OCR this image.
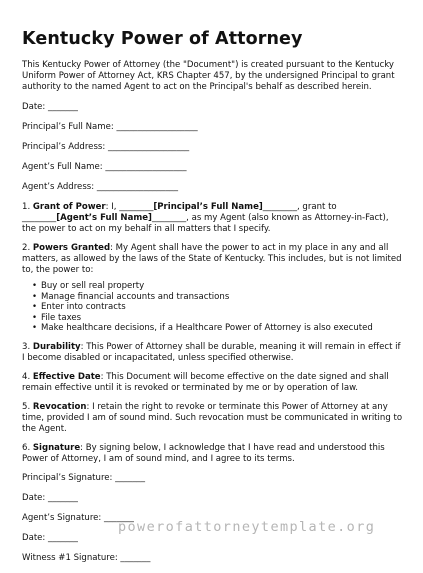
Kentucky Power of Attorney

This Kentucky Power of Attorney (the "Document") is created pursuant to the Kentucky Uniform Power of Attorney Act, KRS Chapter 457, by the undersigned Principal to grant authority to the named Agent to act on the Principal's behalf as described herein.

Date: _______

Principal’s Full Name: ___________________

Principal’s Address: ___________________

Agent’s Full Name: ___________________

Agent’s Address: ___________________

1. Grant of Power: I, ________[Principal’s Full Name]________, grant to ________[Agent’s Full Name]________, as my Agent (also known as Attorney-in-Fact), the power to act on my behalf in all matters that I specify.

2. Powers Granted: My Agent shall have the power to act in my place in any and all matters, as allowed by the laws of the State of Kentucky. This includes, but is not limited to, the power to:

• Buy or sell real property
• Manage financial accounts and transactions
• Enter into contracts
• File taxes
• Make healthcare decisions, if a Healthcare Power of Attorney is also executed

3. Durability: This Power of Attorney shall be durable, meaning it will remain in effect if I become disabled or incapacitated, unless specified otherwise.

4. Effective Date: This Document will become effective on the date signed and shall remain effective until it is revoked or terminated by me or by operation of law.

5. Revocation: I retain the right to revoke or terminate this Power of Attorney at any time, provided I am of sound mind. Such revocation must be communicated in writing to the Agent.

6. Signature: By signing below, I acknowledge that I have read and understood this Power of Attorney, I am of sound mind, and I agree to its terms.

Principal’s Signature: _______

Date: _______

Agent’s Signature: _______

Date: _______

Witness #1 Signature: _______

powerofattorneytemplate.org
